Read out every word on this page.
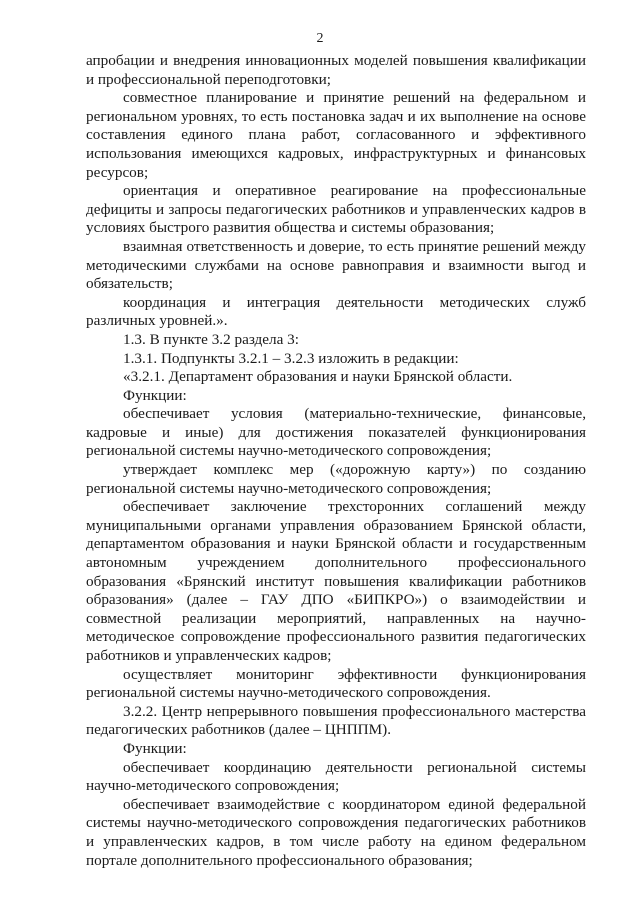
2

апробации и внедрения инновационных моделей повышения квалификации и профессиональной переподготовки;

совместное планирование и принятие решений на федеральном и региональном уровнях, то есть постановка задач и их выполнение на основе составления единого плана работ, согласованного и эффективного использования имеющихся кадровых, инфраструктурных и финансовых ресурсов;

ориентация и оперативное реагирование на профессиональные дефициты и запросы педагогических работников и управленческих кадров в условиях быстрого развития общества и системы образования;

взаимная ответственность и доверие, то есть принятие решений между методическими службами на основе равноправия и взаимности выгод и обязательств;

координация и интеграция деятельности методических служб различных уровней.».

1.3. В пункте 3.2 раздела 3:

1.3.1. Подпункты 3.2.1 – 3.2.3 изложить в редакции:

«3.2.1. Департамент образования и науки Брянской области.

Функции:

обеспечивает условия (материально-технические, финансовые, кадровые и иные) для достижения показателей функционирования региональной системы научно-методического сопровождения;

утверждает комплекс мер («дорожную карту») по созданию региональной системы научно-методического сопровождения;

обеспечивает заключение трехсторонних соглашений между муниципальными органами управления образованием Брянской области, департаментом образования и науки Брянской области и государственным автономным учреждением дополнительного профессионального образования «Брянский институт повышения квалификации работников образования» (далее – ГАУ ДПО «БИПКРО») о взаимодействии и совместной реализации мероприятий, направленных на научно-методическое сопровождение профессионального развития педагогических работников и управленческих кадров;

осуществляет мониторинг эффективности функционирования региональной системы научно-методического сопровождения.

3.2.2. Центр непрерывного повышения профессионального мастерства педагогических работников (далее – ЦНППМ).

Функции:

обеспечивает координацию деятельности региональной системы научно-методического сопровождения;

обеспечивает взаимодействие с координатором единой федеральной системы научно-методического сопровождения педагогических работников и управленческих кадров, в том числе работу на едином федеральном портале дополнительного профессионального образования;
